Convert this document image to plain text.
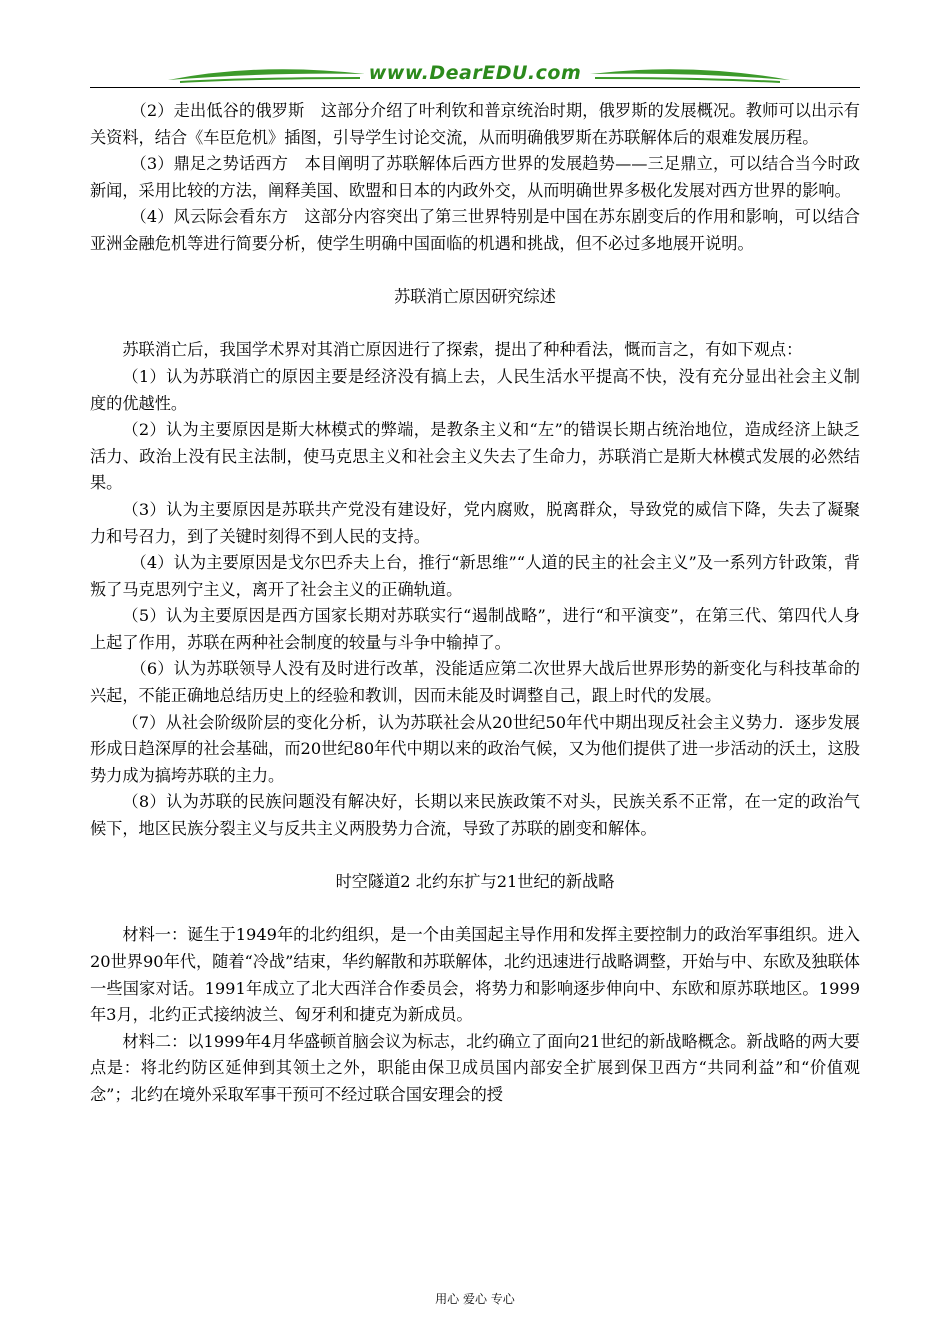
www.DearEDU.com

（2）走出低谷的俄罗斯　这部分介绍了叶利钦和普京统治时期，俄罗斯的发展概况。教师可以出示有关资料，结合《车臣危机》插图，引导学生讨论交流，从而明确俄罗斯在苏联解体后的艰难发展历程。

（3）鼎足之势话西方　本目阐明了苏联解体后西方世界的发展趋势——三足鼎立，可以结合当今时政新闻，采用比较的方法，阐释美国、欧盟和日本的内政外交，从而明确世界多极化发展对西方世界的影响。

（4）风云际会看东方　这部分内容突出了第三世界特别是中国在苏东剧变后的作用和影响，可以结合亚洲金融危机等进行简要分析，使学生明确中国面临的机遇和挑战，但不必过多地展开说明。

苏联消亡原因研究综述

苏联消亡后，我国学术界对其消亡原因进行了探索，提出了种种看法，慨而言之，有如下观点：

（1）认为苏联消亡的原因主要是经济没有搞上去，人民生活水平提高不快，没有充分显出社会主义制度的优越性。

（2）认为主要原因是斯大林模式的弊端，是教条主义和“左”的错误长期占统治地位，造成经济上缺乏活力、政治上没有民主法制，使马克思主义和社会主义失去了生命力，苏联消亡是斯大林模式发展的必然结果。

（3）认为主要原因是苏联共产党没有建设好，党内腐败，脱离群众，导致党的威信下降，失去了凝聚力和号召力，到了关键时刻得不到人民的支持。

（4）认为主要原因是戈尔巴乔夫上台，推行“新思维”“人道的民主的社会主义”及一系列方针政策，背叛了马克思列宁主义，离开了社会主义的正确轨道。

（5）认为主要原因是西方国家长期对苏联实行“遏制战略”，进行“和平演变”，在第三代、第四代人身上起了作用，苏联在两种社会制度的较量与斗争中输掉了。

（6）认为苏联领导人没有及时进行改革，没能适应第二次世界大战后世界形势的新变化与科技革命的兴起，不能正确地总结历史上的经验和教训，因而未能及时调整自己，跟上时代的发展。

（7）从社会阶级阶层的变化分析，认为苏联社会从20世纪50年代中期出现反社会主义势力．逐步发展形成日趋深厚的社会基础，而20世纪80年代中期以来的政治气候，又为他们提供了进一步活动的沃土，这股势力成为搞垮苏联的主力。

（8）认为苏联的民族问题没有解决好，长期以来民族政策不对头，民族关系不正常，在一定的政治气候下，地区民族分裂主义与反共主义两股势力合流，导致了苏联的剧变和解体。

时空隧道2 北约东扩与21世纪的新战略

材料一：诞生于1949年的北约组织，是一个由美国起主导作用和发挥主要控制力的政治军事组织。进入20世界90年代，随着“冷战”结束，华约解散和苏联解体，北约迅速进行战略调整，开始与中、东欧及独联体一些国家对话。1991年成立了北大西洋合作委员会，将势力和影响逐步伸向中、东欧和原苏联地区。1999年3月，北约正式接纳波兰、匈牙利和捷克为新成员。

材料二：以1999年4月华盛顿首脑会议为标志，北约确立了面向21世纪的新战略概念。新战略的两大要点是：将北约防区延伸到其领土之外，职能由保卫成员国内部安全扩展到保卫西方“共同利益”和“价值观念”；北约在境外采取军事干预可不经过联合国安理会的授

用心 爱心 专心
